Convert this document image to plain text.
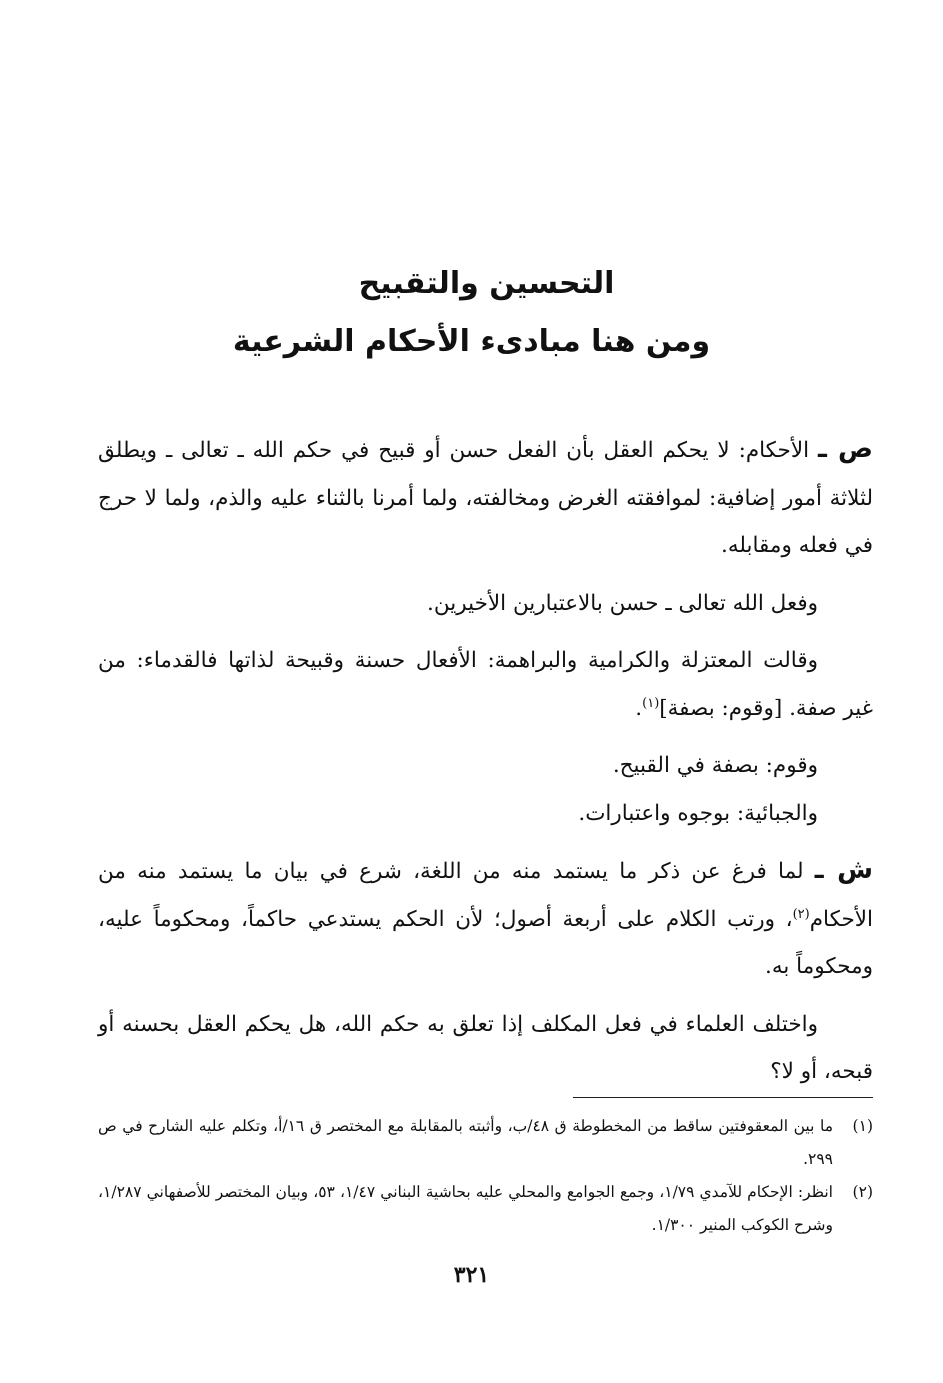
التحسين والتقبيح
ومن هنا مبادىء الأحكام الشرعية

ص ـ الأحكام: لا يحكم العقل بأن الفعل حسن أو قبيح في حكم الله ـ تعالى ـ ويطلق لثلاثة أمور إضافية: لموافقته الغرض ومخالفته، ولما أمرنا بالثناء عليه والذم، ولما لا حرج في فعله ومقابله.

وفعل الله تعالى ـ حسن بالاعتبارين الأخيرين.

وقالت المعتزلة والكرامية والبراهمة: الأفعال حسنة وقبيحة لذاتها فالقدماء: من غير صفة. [وقوم: بصفة]$^{(١)}$.

وقوم: بصفة في القبيح.

والجبائية: بوجوه واعتبارات.

ش ـ لما فرغ عن ذكر ما يستمد منه من اللغة، شرع في بيان ما يستمد منه من الأحكام$^{(٢)}$، ورتب الكلام على أربعة أصول؛ لأن الحكم يستدعي حاكماً، ومحكوماً عليه، ومحكوماً به.

واختلف العلماء في فعل المكلف إذا تعلق به حكم الله، هل يحكم العقل بحسنه أو قبحه، أو لا؟

(١)
ما بين المعقوفتين ساقط من المخطوطة ق ٤٨/ب، وأثبته بالمقابلة مع المختصر ق ١٦/أ، وتكلم عليه الشارح في ص ٢٩٩.
(٢)
انظر: الإحكام للآمدي ١/٧٩، وجمع الجوامع والمحلي عليه بحاشية البناني ١/٤٧، ٥٣، وبيان المختصر للأصفهاني ١/٢٨٧، وشرح الكوكب المنير ١/٣٠٠.
٣٢١
